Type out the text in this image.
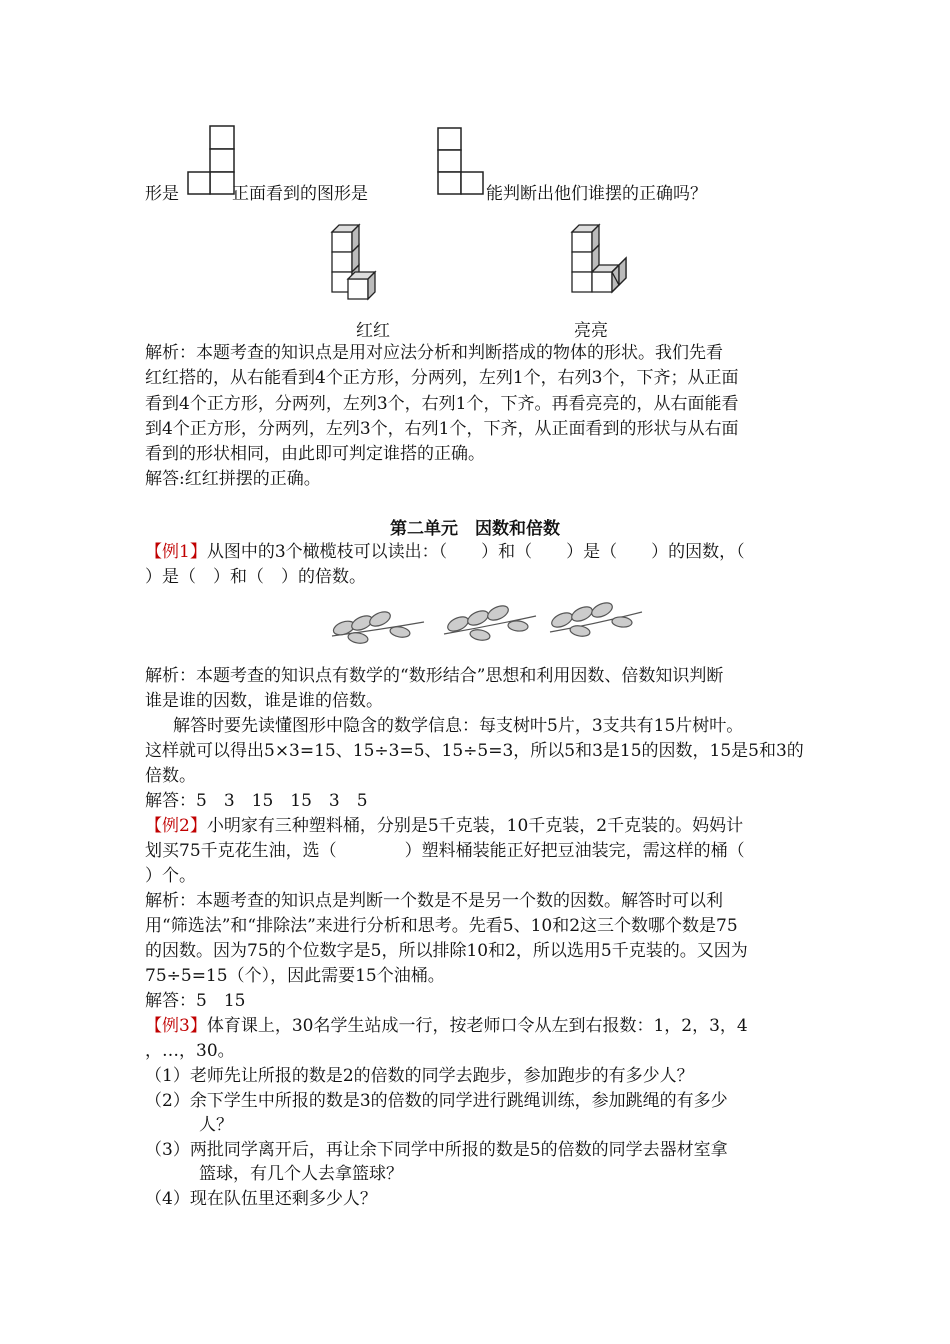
形是	正面看到的图形是	能判断出他们谁摆的正确吗？
红红	亮亮
解析：本题考查的知识点是用对应法分析和判断搭成的物体的形状。我们先看
红红搭的，从右能看到4个正方形，分两列，左列1个，右列3个，下齐；从正面
看到4个正方形，分两列，左列3个，右列1个，下齐。再看亮亮的，从右面能看
到4个正方形，分两列，左列3个，右列1个，下齐，从正面看到的形状与从右面
看到的形状相同，由此即可判定谁搭的正确。
解答:红红拼摆的正确。
第二单元　因数和倍数
【例1】从图中的3个橄榄枝可以读出：（　　）和（　　）是（　　）的因数，（
）是（　）和（　）的倍数。
解析：本题考查的知识点有数学的“数形结合”思想和利用因数、倍数知识判断
谁是谁的因数，谁是谁的倍数。
解答时要先读懂图形中隐含的数学信息：每支树叶5片，3支共有15片树叶。
这样就可以得出5×3=15、15÷3=5、15÷5=3，所以5和3是15的因数，15是5和3的
倍数。
解答：5　3　15　15　3　5
【例2】小明家有三种塑料桶，分别是5千克装，10千克装，2千克装的。妈妈计
划买75千克花生油，选（　　　　）塑料桶装能正好把豆油装完，需这样的桶（
）个。
解析：本题考查的知识点是判断一个数是不是另一个数的因数。解答时可以利
用“筛选法”和“排除法”来进行分析和思考。先看5、10和2这三个数哪个数是75
的因数。因为75的个位数字是5，所以排除10和2，所以选用5千克装的。又因为
75÷5=15（个），因此需要15个油桶。
解答：5　15
【例3】体育课上，30名学生站成一行，按老师口令从左到右报数：1，2，3，4
，…，30。
（1）老师先让所报的数是2的倍数的同学去跑步，参加跑步的有多少人？
（2）余下学生中所报的数是3的倍数的同学进行跳绳训练，参加跳绳的有多少
人？
（3）两批同学离开后，再让余下同学中所报的数是5的倍数的同学去器材室拿
篮球，有几个人去拿篮球？
（4）现在队伍里还剩多少人？
